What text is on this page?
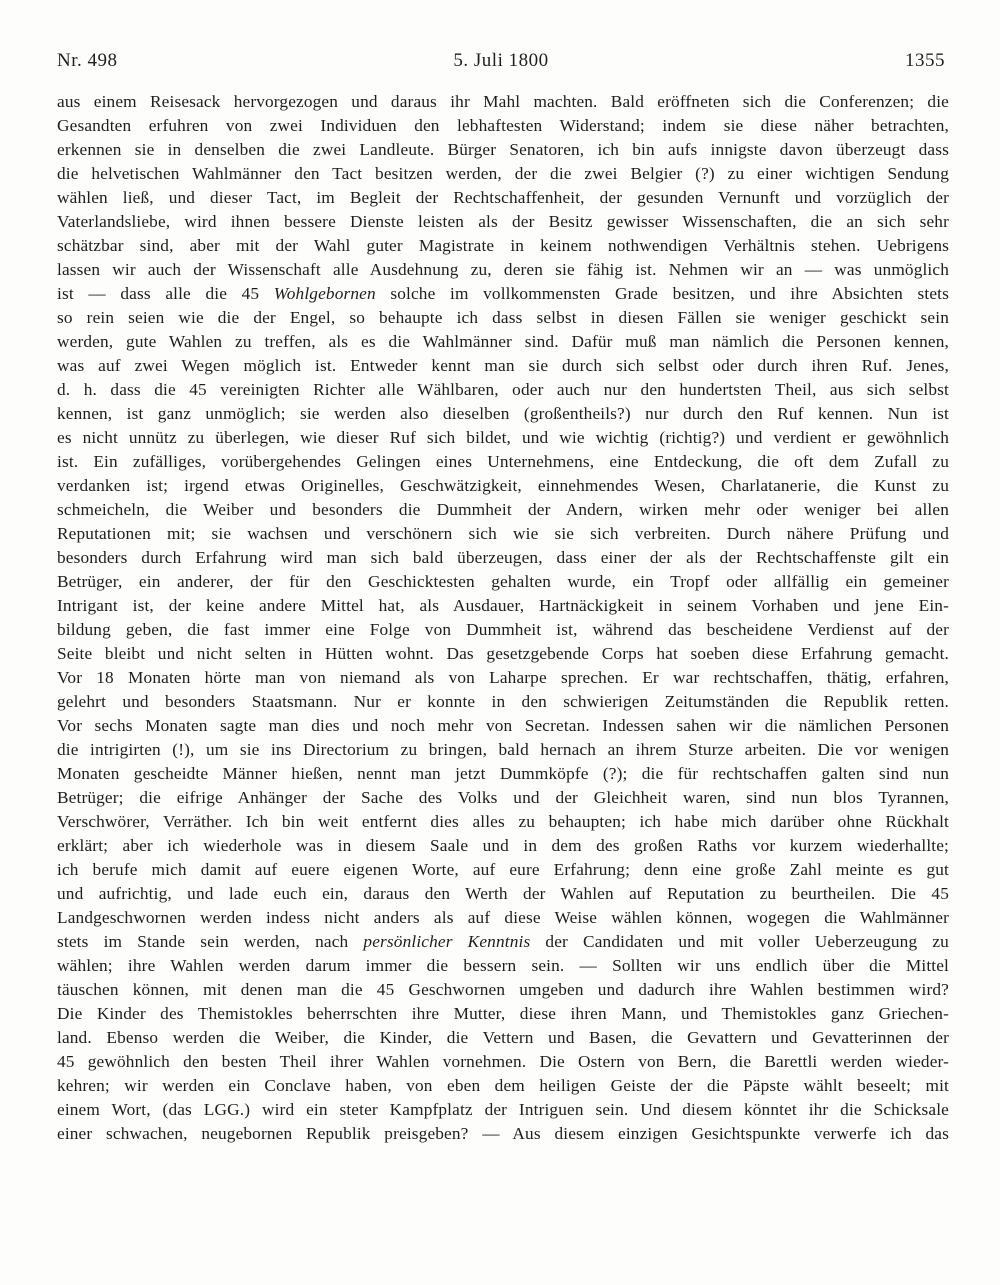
Nr. 498	5. Juli 1800	1355
aus einem Reisesack hervorgezogen und daraus ihr Mahl machten. Bald eröffneten sich die Conferenzen; die
Gesandten erfuhren von zwei Individuen den lebhaftesten Widerstand; indem sie diese näher betrachten,
erkennen sie in denselben die zwei Landleute. Bürger Senatoren, ich bin aufs innigste davon überzeugt dass
die helvetischen Wahlmänner den Tact besitzen werden, der die zwei Belgier (?) zu einer wichtigen Sendung
wählen ließ, und dieser Tact, im Begleit der Rechtschaffenheit, der gesunden Vernunft und vorzüglich der
Vaterlandsliebe, wird ihnen bessere Dienste leisten als der Besitz gewisser Wissenschaften, die an sich sehr
schätzbar sind, aber mit der Wahl guter Magistrate in keinem nothwendigen Verhältnis stehen. Uebrigens
lassen wir auch der Wissenschaft alle Ausdehnung zu, deren sie fähig ist. Nehmen wir an — was unmöglich
ist — dass alle die 45 Wohlgebornen solche im vollkommensten Grade besitzen, und ihre Absichten stets
so rein seien wie die der Engel, so behaupte ich dass selbst in diesen Fällen sie weniger geschickt sein
werden, gute Wahlen zu treffen, als es die Wahlmänner sind. Dafür muß man nämlich die Personen kennen,
was auf zwei Wegen möglich ist. Entweder kennt man sie durch sich selbst oder durch ihren Ruf. Jenes,
d. h. dass die 45 vereinigten Richter alle Wählbaren, oder auch nur den hundertsten Theil, aus sich selbst
kennen, ist ganz unmöglich; sie werden also dieselben (großentheils?) nur durch den Ruf kennen. Nun ist
es nicht unnütz zu überlegen, wie dieser Ruf sich bildet, und wie wichtig (richtig?) und verdient er gewöhnlich
ist. Ein zufälliges, vorübergehendes Gelingen eines Unternehmens, eine Entdeckung, die oft dem Zufall zu
verdanken ist; irgend etwas Originelles, Geschwätzigkeit, einnehmendes Wesen, Charlatanerie, die Kunst zu
schmeicheln, die Weiber und besonders die Dummheit der Andern, wirken mehr oder weniger bei allen
Reputationen mit; sie wachsen und verschönern sich wie sie sich verbreiten. Durch nähere Prüfung und
besonders durch Erfahrung wird man sich bald überzeugen, dass einer der als der Rechtschaffenste gilt ein
Betrüger, ein anderer, der für den Geschicktesten gehalten wurde, ein Tropf oder allfällig ein gemeiner
Intrigant ist, der keine andere Mittel hat, als Ausdauer, Hartnäckigkeit in seinem Vorhaben und jene Ein-
bildung geben, die fast immer eine Folge von Dummheit ist, während das bescheidene Verdienst auf der
Seite bleibt und nicht selten in Hütten wohnt. Das gesetzgebende Corps hat soeben diese Erfahrung gemacht.
Vor 18 Monaten hörte man von niemand als von Laharpe sprechen. Er war rechtschaffen, thätig, erfahren,
gelehrt und besonders Staatsmann. Nur er konnte in den schwierigen Zeitumständen die Republik retten.
Vor sechs Monaten sagte man dies und noch mehr von Secretan. Indessen sahen wir die nämlichen Personen
die intrigirten (!), um sie ins Directorium zu bringen, bald hernach an ihrem Sturze arbeiten. Die vor wenigen
Monaten gescheidte Männer hießen, nennt man jetzt Dummköpfe (?); die für rechtschaffen galten sind nun
Betrüger; die eifrige Anhänger der Sache des Volks und der Gleichheit waren, sind nun blos Tyrannen,
Verschwörer, Verräther. Ich bin weit entfernt dies alles zu behaupten; ich habe mich darüber ohne Rückhalt
erklärt; aber ich wiederhole was in diesem Saale und in dem des großen Raths vor kurzem wiederhallte;
ich berufe mich damit auf euere eigenen Worte, auf eure Erfahrung; denn eine große Zahl meinte es gut
und aufrichtig, und lade euch ein, daraus den Werth der Wahlen auf Reputation zu beurtheilen. Die 45
Landgeschwornen werden indess nicht anders als auf diese Weise wählen können, wogegen die Wahlmänner
stets im Stande sein werden, nach persönlicher Kenntnis der Candidaten und mit voller Ueberzeugung zu
wählen; ihre Wahlen werden darum immer die bessern sein. — Sollten wir uns endlich über die Mittel
täuschen können, mit denen man die 45 Geschwornen umgeben und dadurch ihre Wahlen bestimmen wird?
Die Kinder des Themistokles beherrschten ihre Mutter, diese ihren Mann, und Themistokles ganz Griechen-
land. Ebenso werden die Weiber, die Kinder, die Vettern und Basen, die Gevattern und Gevatterinnen der
45 gewöhnlich den besten Theil ihrer Wahlen vornehmen. Die Ostern von Bern, die Barettli werden wieder-
kehren; wir werden ein Conclave haben, von eben dem heiligen Geiste der die Päpste wählt beseelt; mit
einem Wort, (das LGG.) wird ein steter Kampfplatz der Intriguen sein. Und diesem könntet ihr die Schicksale
einer schwachen, neugebornen Republik preisgeben? — Aus diesem einzigen Gesichtspunkte verwerfe ich das
